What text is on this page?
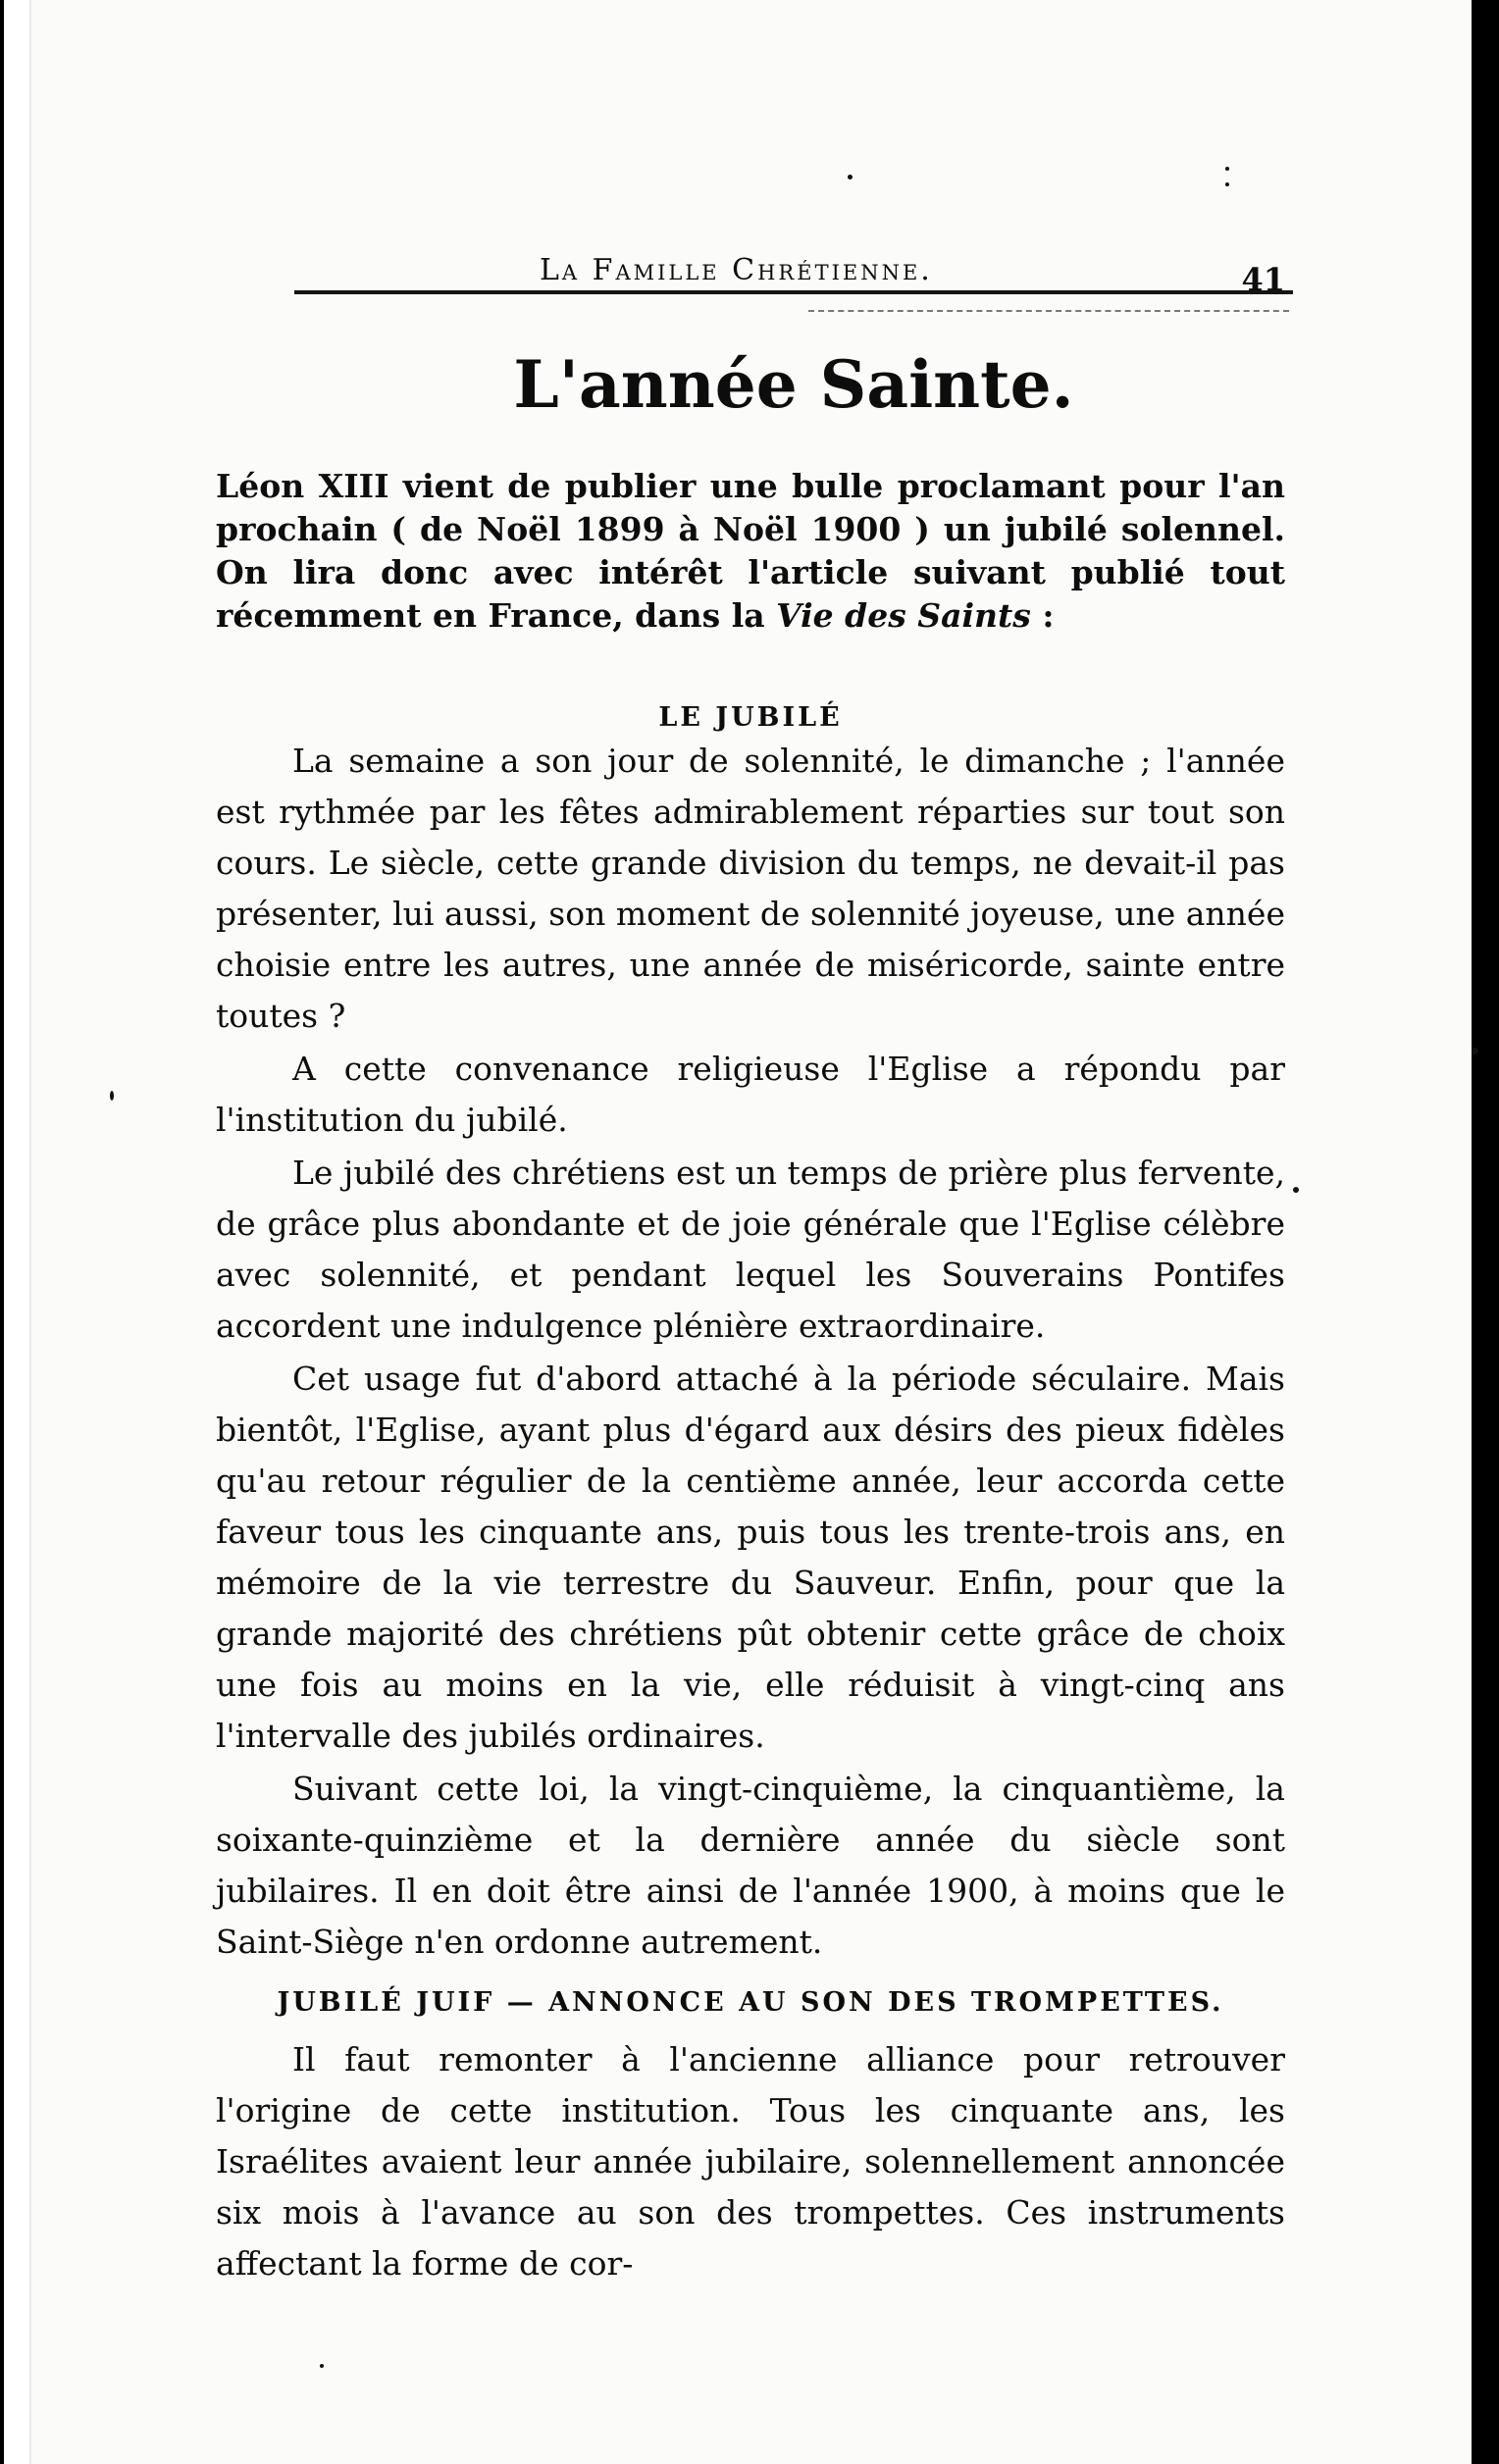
La Famille Chrétienne.	41
L'année Sainte.

Léon XIII vient de publier une bulle proclamant pour l'an prochain ( de Noël 1899 à Noël 1900 ) un jubilé solennel. On lira donc avec intérêt l'article suivant publié tout récemment en France, dans la Vie des Saints :

LE JUBILÉ

La semaine a son jour de solennité, le dimanche ; l'année est rythmée par les fêtes admirablement réparties sur tout son cours. Le siècle, cette grande division du temps, ne devait-il pas présenter, lui aussi, son moment de solennité joyeuse, une année choisie entre les autres, une année de miséricorde, sainte entre toutes ?

A cette convenance religieuse l'Eglise a répondu par l'institution du jubilé.

Le jubilé des chrétiens est un temps de prière plus fervente, de grâce plus abondante et de joie générale que l'Eglise célèbre avec solennité, et pendant lequel les Souverains Pontifes accordent une indulgence plénière extraordinaire.

Cet usage fut d'abord attaché à la période séculaire. Mais bientôt, l'Eglise, ayant plus d'égard aux désirs des pieux fidèles qu'au retour régulier de la centième année, leur accorda cette faveur tous les cinquante ans, puis tous les trente-trois ans, en mémoire de la vie terrestre du Sauveur. Enfin, pour que la grande majorité des chrétiens pût obtenir cette grâce de choix une fois au moins en la vie, elle réduisit à vingt-cinq ans l'intervalle des jubilés ordinaires.

Suivant cette loi, la vingt-cinquième, la cinquantième, la soixante-quinzième et la dernière année du siècle sont jubilaires. Il en doit être ainsi de l'année 1900, à moins que le Saint-Siège n'en ordonne autrement.

JUBILÉ JUIF — ANNONCE AU SON DES TROMPETTES.

Il faut remonter à l'ancienne alliance pour retrouver l'origine de cette institution. Tous les cinquante ans, les Israélites avaient leur année jubilaire, solennellement annoncée six mois à l'avance au son des trompettes. Ces instruments affectant la forme de cor-
